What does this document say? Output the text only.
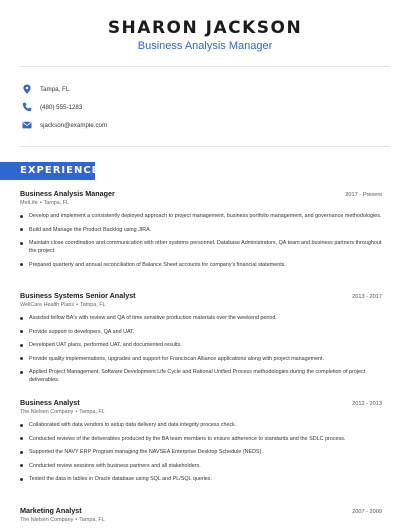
SHARON JACKSON
Business Analysis Manager
Tampa, FL
(480) 555-1283
sjackson@example.com
EXPERIENCE
Business Analysis Manager	2017 - Present
MetLife • Tampa, FL
Develop and implement a consistently deployed approach to project management, business portfolio management, and governance methodologies.
Build and Manage the Product Backlog using JIRA.
Maintain close coordination and communication with other systems personnel, Database Administrators, QA team and business partners throughout the project.
Prepared quarterly and annual reconciliation of Balance Sheet accounts for company's financial statements.
Business Systems Senior Analyst	2013 - 2017
WellCare Health Plans • Tampa, FL
Assisted fellow BA's with review and QA of time sensitive production materials over the weekend period.
Provide support to developers, QA and UAT.
Developed UAT plans, performed UAT, and documented results.
Provide quality implementations, upgrades and support for Franciscan Alliance applications along with project management.
Applied Project Management, Software Development Life Cycle and Rational Unified Process methodologies during the completion of project deliverables.
Business Analyst	2012 - 2013
The Nielsen Company • Tampa, FL
Collaborated with data vendors to setup data delivery and data integrity process check.
Conducted reviews of the deliverables produced by the BA team members to ensure adherence to standards and the SDLC process.
Supported the NAVY ERP Program managing the NAVSEA Enterprise Desktop Schedule (NEDS).
Conducted review sessions with business partners and all stakeholders.
Tested the data in tables in Oracle database using SQL and PL/SQL queries.
Marketing Analyst	2007 - 2009
The Nielsen Company • Tampa, FL
